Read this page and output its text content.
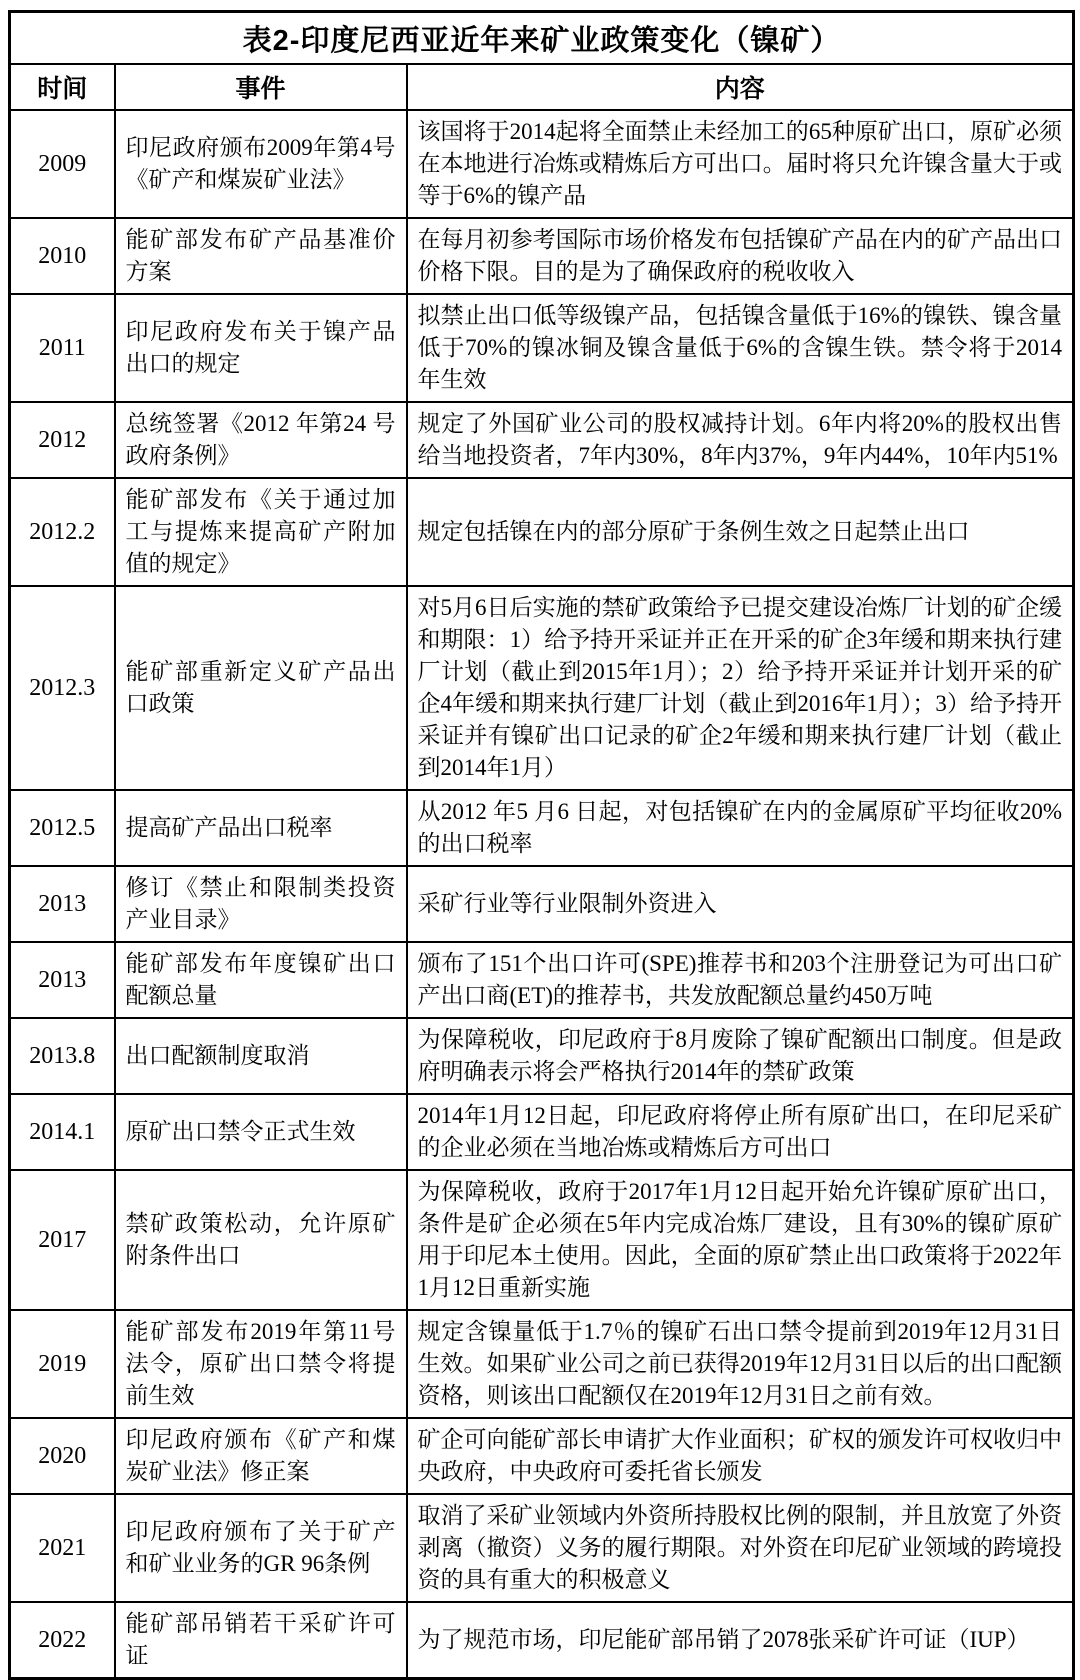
表2-印度尼西亚近年来矿业政策变化（镍矿）		
时间	事件	内容
2009	印尼政府颁布2009年第4号《矿产和煤炭矿业法》	该国将于2014起将全面禁止未经加工的65种原矿出口，原矿必须在本地进行冶炼或精炼后方可出口。届时将只允许镍含量大于或等于6%的镍产品
2010	能矿部发布矿产品基准价方案	在每月初参考国际市场价格发布包括镍矿产品在内的矿产品出口价格下限。目的是为了确保政府的税收收入
2011	印尼政府发布关于镍产品出口的规定	拟禁止出口低等级镍产品，包括镍含量低于16%的镍铁、镍含量低于70%的镍冰铜及镍含量低于6%的含镍生铁。禁令将于2014年生效
2012	总统签署《2012 年第24 号政府条例》	规定了外国矿业公司的股权减持计划。6年内将20%的股权出售给当地投资者，7年内30%，8年内37%，9年内44%，10年内51%
2012.2	能矿部发布《关于通过加工与提炼来提高矿产附加值的规定》	规定包括镍在内的部分原矿于条例生效之日起禁止出口
2012.3	能矿部重新定义矿产品出口政策	对5月6日后实施的禁矿政策给予已提交建设冶炼厂计划的矿企缓和期限：1）给予持开采证并正在开采的矿企3年缓和期来执行建厂计划（截止到2015年1月）；2）给予持开采证并计划开采的矿企4年缓和期来执行建厂计划（截止到2016年1月）；3）给予持开采证并有镍矿出口记录的矿企2年缓和期来执行建厂计划（截止到2014年1月）
2012.5	提高矿产品出口税率	从2012 年5 月6 日起，对包括镍矿在内的金属原矿平均征收20%的出口税率
2013	修订《禁止和限制类投资产业目录》	采矿行业等行业限制外资进入
2013	能矿部发布年度镍矿出口配额总量	颁布了151个出口许可(SPE)推荐书和203个注册登记为可出口矿产出口商(ET)的推荐书，共发放配额总量约450万吨
2013.8	出口配额制度取消	为保障税收，印尼政府于8月废除了镍矿配额出口制度。但是政府明确表示将会严格执行2014年的禁矿政策
2014.1	原矿出口禁令正式生效	2014年1月12日起，印尼政府将停止所有原矿出口，在印尼采矿的企业必须在当地冶炼或精炼后方可出口
2017	禁矿政策松动，允许原矿附条件出口	为保障税收，政府于2017年1月12日起开始允许镍矿原矿出口，条件是矿企必须在5年内完成冶炼厂建设，且有30%的镍矿原矿用于印尼本土使用。因此，全面的原矿禁止出口政策将于2022年1月12日重新实施
2019	能矿部发布2019年第11号法令，原矿出口禁令将提前生效	规定含镍量低于1.7％的镍矿石出口禁令提前到2019年12月31日生效。如果矿业公司之前已获得2019年12月31日以后的出口配额资格，则该出口配额仅在2019年12月31日之前有效。
2020	印尼政府颁布《矿产和煤炭矿业法》修正案	矿企可向能矿部长申请扩大作业面积；矿权的颁发许可权收归中央政府，中央政府可委托省长颁发
2021	印尼政府颁布了关于矿产和矿业业务的GR 96条例	取消了采矿业领域内外资所持股权比例的限制，并且放宽了外资剥离（撤资）义务的履行期限。对外资在印尼矿业领域的跨境投资的具有重大的积极意义
2022	能矿部吊销若干采矿许可证	为了规范市场，印尼能矿部吊销了2078张采矿许可证（IUP）
